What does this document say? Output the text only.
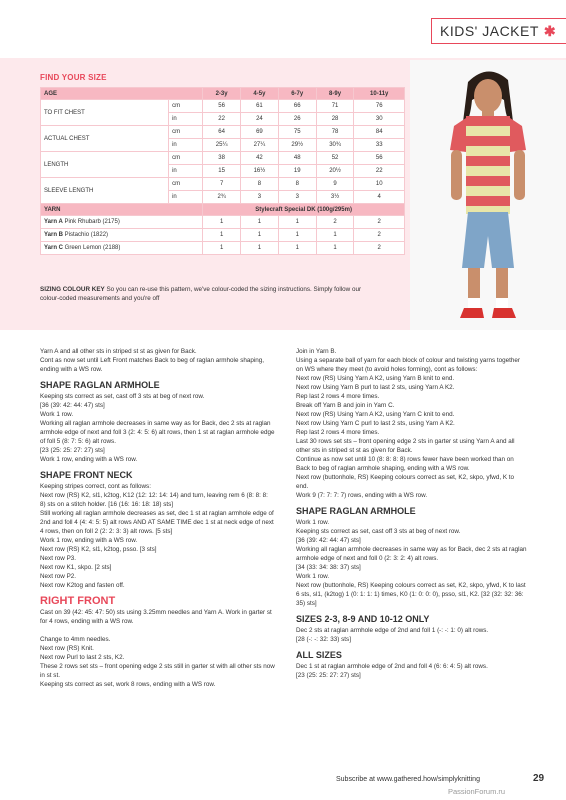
KIDS' JACKET ✱
FIND YOUR SIZE
AGE		2-3y	4-5y	6-7y	8-9y	10-11y
TO FIT CHEST	cm	56	61	66	71	76
	in	22	24	26	28	30
ACTUAL CHEST	cm	64	69	75	78	84
	in	25¼	27¼	29½	30¾	33
LENGTH	cm	38	42	48	52	56
	in	15	16½	19	20½	22
SLEEVE LENGTH	cm	7	8	8	9	10
	in	2¾	3	3	3½	4
YARN		Stylecraft Special DK (100g/295m)				
Yarn A Pink Rhubarb (2175)		1	1	1	2	2
Yarn B Pistachio (1822)		1	1	1	1	2
Yarn C Green Lemon (2188)		1	1	1	1	2
SIZING COLOUR KEY So you can re-use this pattern, we've colour-coded the sizing instructions. Simply follow our colour-coded measurements and you're off

Yarn A and all other sts in striped st st as given for Back.

Cont as now set until Left Front matches Back to beg of raglan armhole shaping, ending with a WS row.

SHAPE RAGLAN ARMHOLE

Keeping sts correct as set, cast off 3 sts at beg of next row.

[36 (39: 42: 44: 47) sts]

Work 1 row.

Working all raglan armhole decreases in same way as for Back, dec 2 sts at raglan armhole edge of next and foll 3 (2: 4: 5: 6) alt rows, then 1 st at raglan armhole edge of foll 5 (8: 7: 5: 6) alt rows.

[23 (25: 25: 27: 27) sts]

Work 1 row, ending with a WS row.

SHAPE FRONT NECK

Keeping stripes correct, cont as follows:

Next row (RS) K2, sl1, k2tog, K12 (12: 12: 14: 14) and turn, leaving rem 6 (8: 8: 8: 8) sts on a stitch holder. [16 (16: 16: 18: 18) sts]

Still working all raglan armhole decreases as set, dec 1 st at raglan armhole edge of 2nd and foll 4 (4: 4: 5: 5) alt rows AND AT SAME TIME dec 1 st at neck edge of next 4 rows, then on foll 2 (2: 2: 3: 3) alt rows. [5 sts]

Work 1 row, ending with a WS row.

Next row (RS) K2, sl1, k2tog, psso. [3 sts]

Next row P3.

Next row K1, skpo. [2 sts]

Next row P2.

Next row K2tog and fasten off.

RIGHT FRONT

Cast on 39 (42: 45: 47: 50) sts using 3.25mm needles and Yarn A. Work in garter st for 4 rows, ending with a WS row.

Change to 4mm needles.

Next row (RS) Knit.

Next row Purl to last 2 sts, K2.

These 2 rows set sts – front opening edge 2 sts still in garter st with all other sts now in st st.

Keeping sts correct as set, work 8 rows, ending with a WS row.

Join in Yarn B.

Using a separate ball of yarn for each block of colour and twisting yarns together on WS where they meet (to avoid holes forming), cont as follows:

Next row (RS) Using Yarn A K2, using Yarn B knit to end.

Next row Using Yarn B purl to last 2 sts, using Yarn A K2.

Rep last 2 rows 4 more times.

Break off Yarn B and join in Yarn C.

Next row (RS) Using Yarn A K2, using Yarn C knit to end.

Next row Using Yarn C purl to last 2 sts, using Yarn A K2.

Rep last 2 rows 4 more times.

Last 30 rows set sts – front opening edge 2 sts in garter st using Yarn A and all other sts in striped st st as given for Back.

Continue as now set until 10 (8: 8: 8: 8) rows fewer have been worked than on Back to beg of raglan armhole shaping, ending with a WS row.

Next row (buttonhole, RS) Keeping colours correct as set, K2, skpo, yfwd, K to end.

Work 9 (7: 7: 7: 7) rows, ending with a WS row.

SHAPE RAGLAN ARMHOLE

Work 1 row.

Keeping sts correct as set, cast off 3 sts at beg of next row.

[36 (39: 42: 44: 47) sts]

Working all raglan armhole decreases in same way as for Back, dec 2 sts at raglan armhole edge of next and foll 0 (2: 3: 2: 4) alt rows.

[34 (33: 34: 38: 37) sts]

Work 1 row.

Next row (buttonhole, RS) Keeping colours correct as set, K2, skpo, yfwd, K to last 6 sts, sl1, (k2tog) 1 (0: 1: 1: 1) times, K0 (1: 0: 0: 0), psso, sl1, K2. [32 (32: 32: 36: 35) sts]

SIZES 2-3, 8-9 AND 10-12 ONLY

Dec 2 sts at raglan armhole edge of 2nd and foll 1 (-: -: 1: 0) alt rows.

[28 (-: -: 32: 33) sts]

ALL SIZES

Dec 1 st at raglan armhole edge of 2nd and foll 4 (6: 6: 4: 5) alt rows.

[23 (25: 25: 27: 27) sts]

Subscribe at www.gathered.how/simplyknitting	29
PassionForum.ru
